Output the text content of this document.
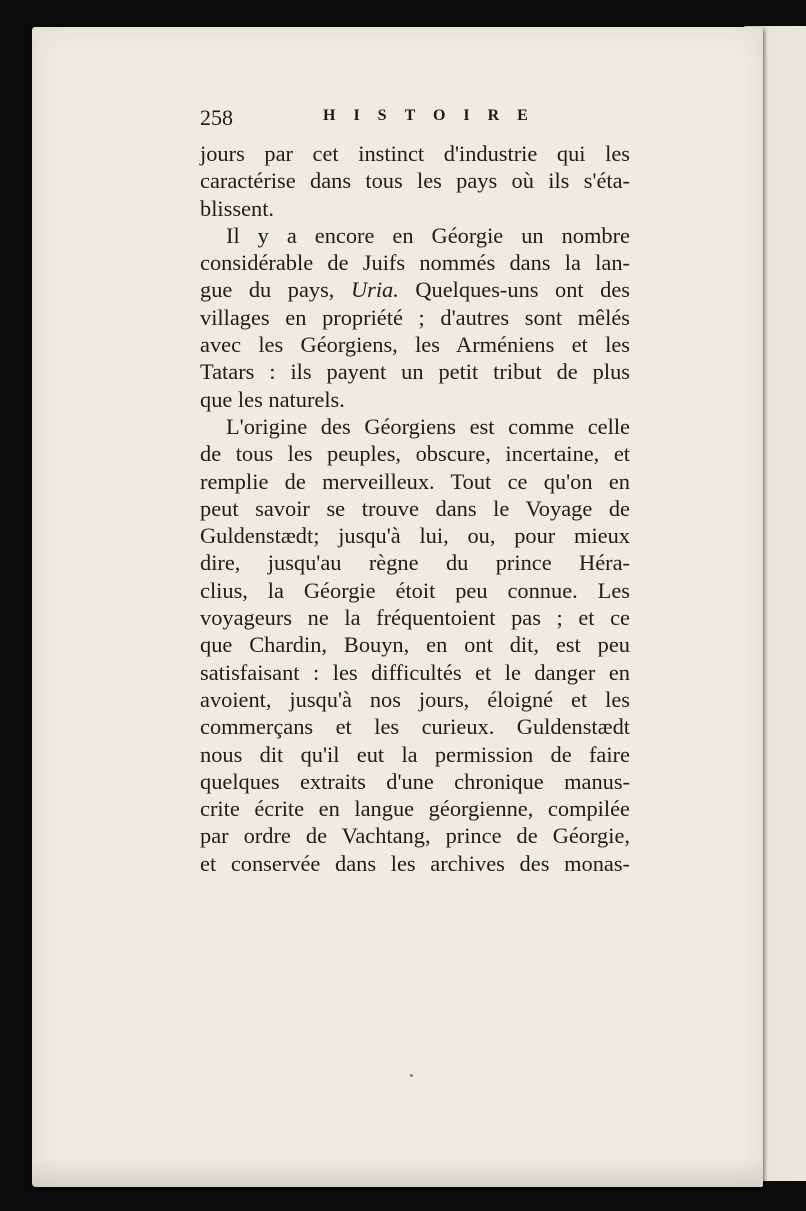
258	HISTOIRE
jours par cet instinct d'industrie qui les
caractérise dans tous les pays où ils s'éta-
blissent.
Il y a encore en Géorgie un nombre
considérable de Juifs nommés dans la lan-
gue du pays, Uria. Quelques-uns ont des
villages en propriété ; d'autres sont mêlés
avec les Géorgiens, les Arméniens et les
Tatars : ils payent un petit tribut de plus
que les naturels.
L'origine des Géorgiens est comme celle
de tous les peuples, obscure, incertaine, et
remplie de merveilleux. Tout ce qu'on en
peut savoir se trouve dans le Voyage de
Guldenstædt; jusqu'à lui, ou, pour mieux
dire, jusqu'au règne du prince Héra-
clius, la Géorgie étoit peu connue. Les
voyageurs ne la fréquentoient pas ; et ce
que Chardin, Bouyn, en ont dit, est peu
satisfaisant : les difficultés et le danger en
avoient, jusqu'à nos jours, éloigné et les
commerçans et les curieux. Guldenstædt
nous dit qu'il eut la permission de faire
quelques extraits d'une chronique manus-
crite écrite en langue géorgienne, compilée
par ordre de Vachtang, prince de Géorgie,
et conservée dans les archives des monas-
